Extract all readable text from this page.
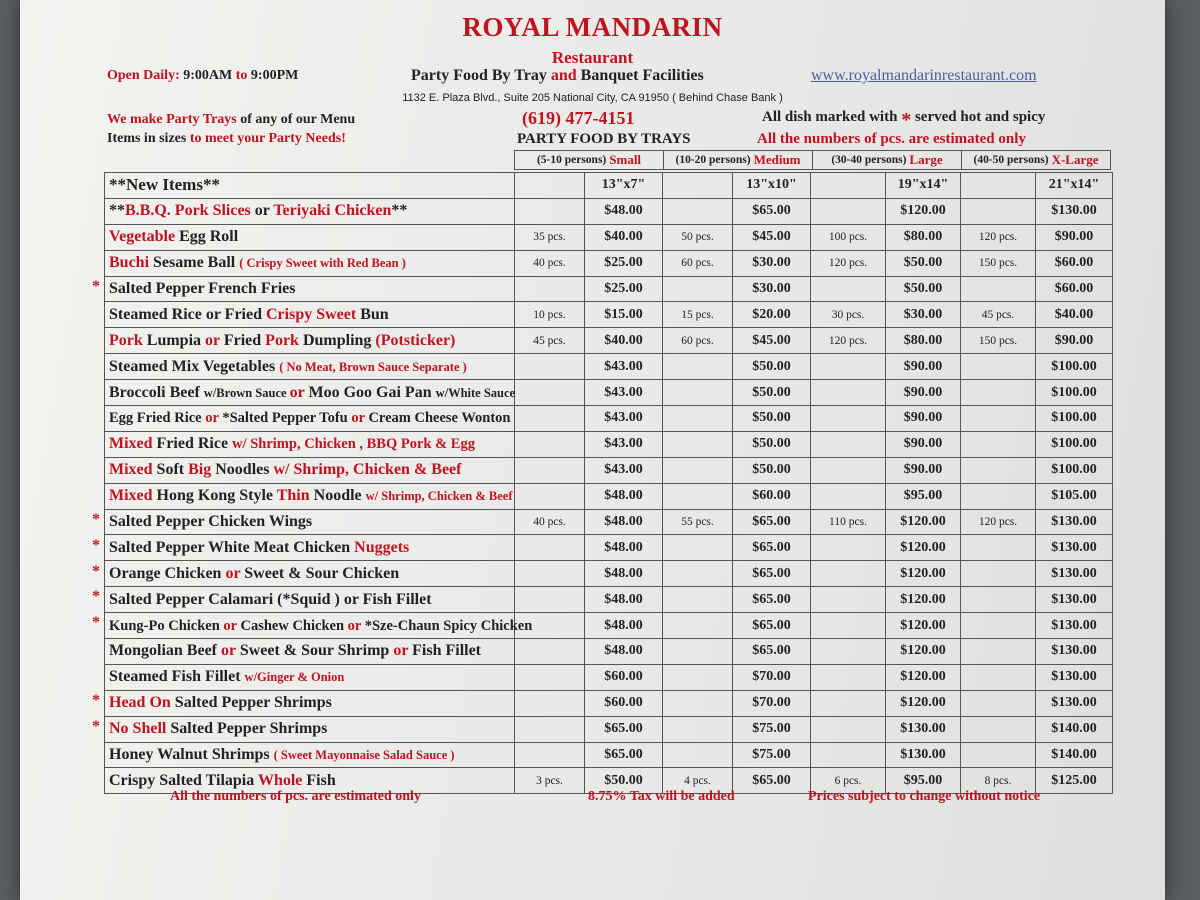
ROYAL MANDARIN
Restaurant
Open Daily: 9:00AM to 9:00PM	Party Food By Tray and Banquet Facilities	www.royalmandarinrestaurant.com
1132 E. Plaza Blvd., Suite 205 National City, CA 91950 ( Behind Chase Bank )
We make Party Trays of any of our Menu
Items in sizes to meet your Party Needs!
(619) 477-4151	All dish marked with * served hot and spicy
PARTY FOOD BY TRAYS	All the numbers of pcs. are estimated only
(5-10 persons) Small	(10-20 persons) Medium	(30-40 persons) Large	(40-50 persons) X-Large
**New Items**		13"x7"		13"x10"		19"x14"		21"x14"
**B.B.Q. Pork Slices or Teriyaki Chicken**		$48.00		$65.00		$120.00		$130.00
Vegetable Egg Roll	35 pcs.	$40.00	50 pcs.	$45.00	100 pcs.	$80.00	120 pcs.	$90.00
Buchi Sesame Ball ( Crispy Sweet with Red Bean )	40 pcs.	$25.00	60 pcs.	$30.00	120 pcs.	$50.00	150 pcs.	$60.00
Salted Pepper French Fries		$25.00		$30.00		$50.00		$60.00
Steamed Rice or Fried Crispy Sweet Bun	10 pcs.	$15.00	15 pcs.	$20.00	30 pcs.	$30.00	45 pcs.	$40.00
Pork Lumpia or Fried Pork Dumpling (Potsticker)	45 pcs.	$40.00	60 pcs.	$45.00	120 pcs.	$80.00	150 pcs.	$90.00
Steamed Mix Vegetables ( No Meat, Brown Sauce Separate )		$43.00		$50.00		$90.00		$100.00
Broccoli Beef w/Brown Sauce or Moo Goo Gai Pan w/White Sauce		$43.00		$50.00		$90.00		$100.00
Egg Fried Rice or *Salted Pepper Tofu or Cream Cheese Wonton		$43.00		$50.00		$90.00		$100.00
Mixed Fried Rice w/ Shrimp, Chicken , BBQ Pork & Egg		$43.00		$50.00		$90.00		$100.00
Mixed Soft Big Noodles w/ Shrimp, Chicken & Beef		$43.00		$50.00		$90.00		$100.00
Mixed Hong Kong Style Thin Noodle w/ Shrimp, Chicken & Beef		$48.00		$60.00		$95.00		$105.00
Salted Pepper Chicken Wings	40 pcs.	$48.00	55 pcs.	$65.00	110 pcs.	$120.00	120 pcs.	$130.00
Salted Pepper White Meat Chicken Nuggets		$48.00		$65.00		$120.00		$130.00
Orange Chicken or Sweet & Sour Chicken		$48.00		$65.00		$120.00		$130.00
Salted Pepper Calamari (*Squid ) or Fish Fillet		$48.00		$65.00		$120.00		$130.00
Kung-Po Chicken or Cashew Chicken or *Sze-Chaun Spicy Chicken		$48.00		$65.00		$120.00		$130.00
Mongolian Beef or Sweet & Sour Shrimp or Fish Fillet		$48.00		$65.00		$120.00		$130.00
Steamed Fish Fillet w/Ginger & Onion		$60.00		$70.00		$120.00		$130.00
Head On Salted Pepper Shrimps		$60.00		$70.00		$120.00		$130.00
No Shell Salted Pepper Shrimps		$65.00		$75.00		$130.00		$140.00
Honey Walnut Shrimps ( Sweet Mayonnaise Salad Sauce )		$65.00		$75.00		$130.00		$140.00
Crispy Salted Tilapia Whole Fish	3 pcs.	$50.00	4 pcs.	$65.00	6 pcs.	$95.00	8 pcs.	$125.00
All the numbers of pcs. are estimated only	8.75% Tax will be added	Prices subject to change without notice
*
*
*
*
*
*
*
*
